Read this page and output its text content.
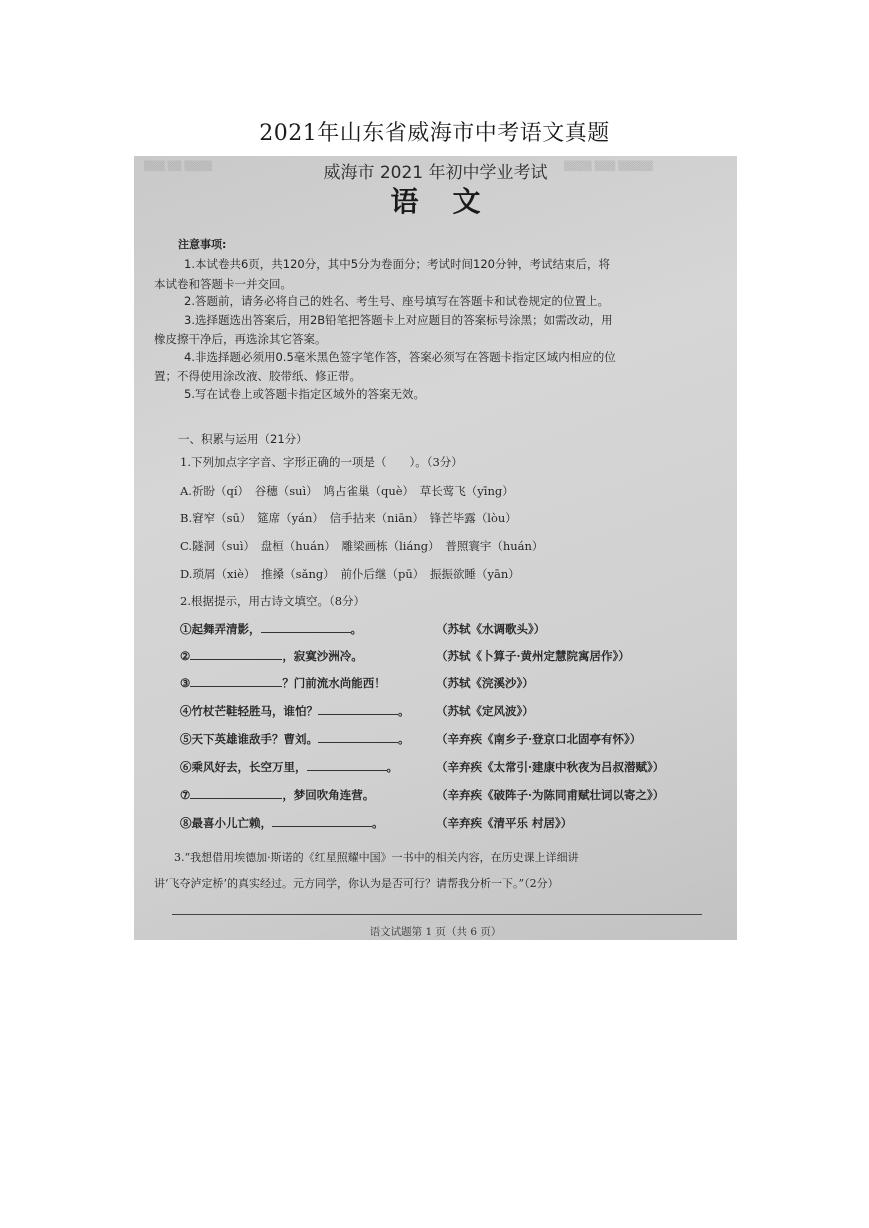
2021年山东省威海市中考语文真题
▒▒▒ ▒▒ ▒▒▒▒	▒▒▒▒ ▒▒▒ ▒▒▒▒▒
威海市 2021 年初中学业考试
语文
注意事项:
1.本试卷共6页，共120分，其中5分为卷面分；考试时间120分钟，考试结束后，将
本试卷和答题卡一并交回。
2.答题前，请务必将自己的姓名、考生号、座号填写在答题卡和试卷规定的位置上。
3.选择题选出答案后，用2B铅笔把答题卡上对应题目的答案标号涂黑；如需改动，用
橡皮擦干净后，再选涂其它答案。
4.非选择题必须用0.5毫米黑色签字笔作答，答案必须写在答题卡指定区域内相应的位
置；不得使用涂改液、胶带纸、修正带。
5.写在试卷上或答题卡指定区域外的答案无效。
一、积累与运用（21分）
1.下列加点字字音、字形正确的一项是（　　）。（3分）
A.祈盼（qí）　谷穗（suì）　鸠占雀巢（què）　草长莺飞（yīng）
B.窘窄（sū）　筵席（yán）　信手拈来（niān）　锋芒毕露（lòu）
C.隧洞（suì）　盘桓（huán）　雕梁画栋（liáng）　普照寰宇（huán）
D.琐屑（xiè）　推搡（sǎng）　前仆后继（pū）　振振欲睡（yān）
2.根据提示，用古诗文填空。（8分）
①起舞弄清影，	。	（苏轼《水调歌头》）
②	，寂寞沙洲冷。	（苏轼《卜算子·黄州定慧院寓居作》）
③	？门前流水尚能西！	（苏轼《浣溪沙》）
④竹杖芒鞋轻胜马，谁怕？	。 （苏轼《定风波》）
⑤天下英雄谁敌手？曹刘。	。 （辛弃疾《南乡子·登京口北固亭有怀》）
⑥乘风好去，长空万里，	。	（辛弃疾《太常引·建康中秋夜为吕叔潜赋》）
⑦	，梦回吹角连营。	（辛弃疾《破阵子·为陈同甫赋壮词以寄之》）
⑧最喜小儿亡赖，	。	（辛弃疾《清平乐 村居》）
3.“我想借用埃德加·斯诺的《红星照耀中国》一书中的相关内容，在历史课上详细讲
讲‘飞夺泸定桥’的真实经过。元方同学，你认为是否可行？请帮我分析一下。”（2分）
语文试题第 1 页（共 6 页）
